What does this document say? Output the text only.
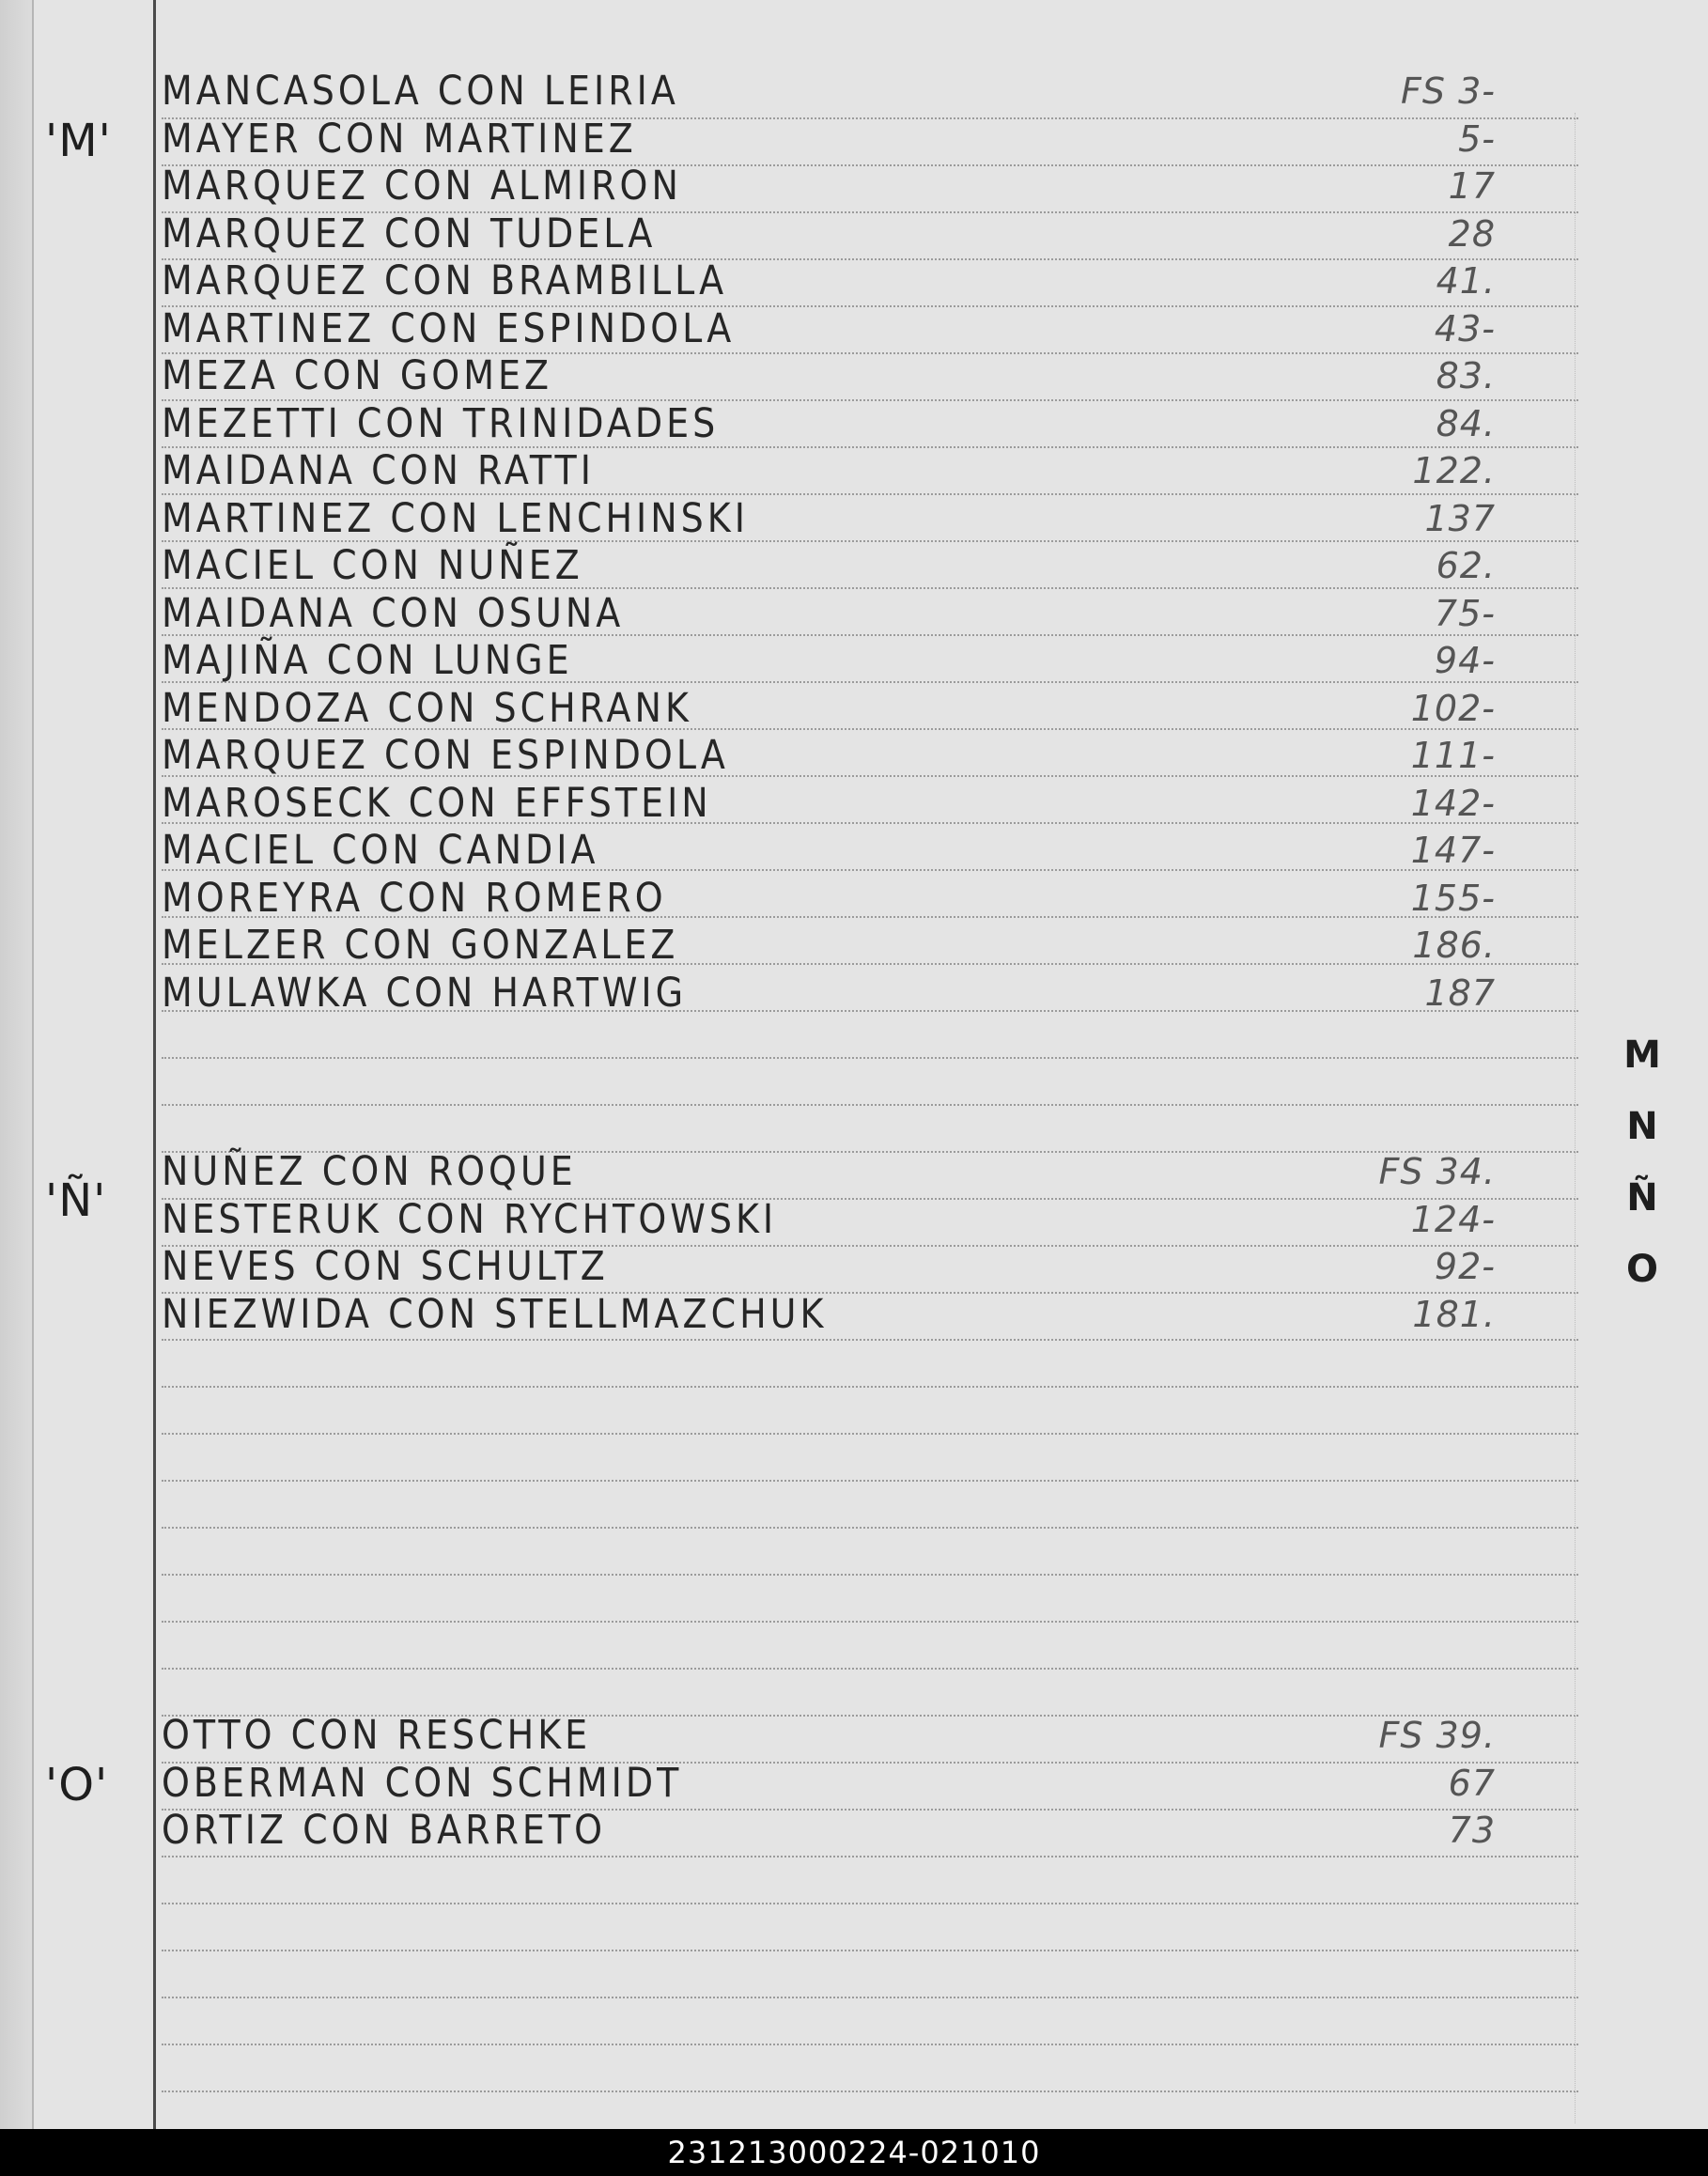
'M'
MANCASOLA CON LEIRIA	FS 3-
MAYER CON MARTINEZ	5-
MARQUEZ CON ALMIRON	17
MARQUEZ CON TUDELA	28
MARQUEZ CON BRAMBILLA	41.
MARTINEZ CON ESPINDOLA	43-
MEZA CON GOMEZ	83.
MEZETTI CON TRINIDADES	84.
MAIDANA CON RATTI	122.
MARTINEZ CON LENCHINSKI	137
MACIEL CON NUÑEZ	62.
MAIDANA CON OSUNA	75-
MAJIÑA CON LUNGE	94-
MENDOZA CON SCHRANK	102-
MARQUEZ CON ESPINDOLA	111-
MAROSECK CON EFFSTEIN	142-
MACIEL CON CANDIA	147-
MOREYRA CON ROMERO	155-
MELZER CON GONZALEZ	186.
MULAWKA CON HARTWIG	187
'Ñ'
NUÑEZ CON ROQUE	FS 34.
NESTERUK CON RYCHTOWSKI	124-
NEVES CON SCHULTZ	92-
NIEZWIDA CON STELLMAZCHUK	181.
'O'
OTTO CON RESCHKE	FS 39.
OBERMAN CON SCHMIDT	67
ORTIZ CON BARRETO	73
M
N
Ñ
O
231213000224-021010
